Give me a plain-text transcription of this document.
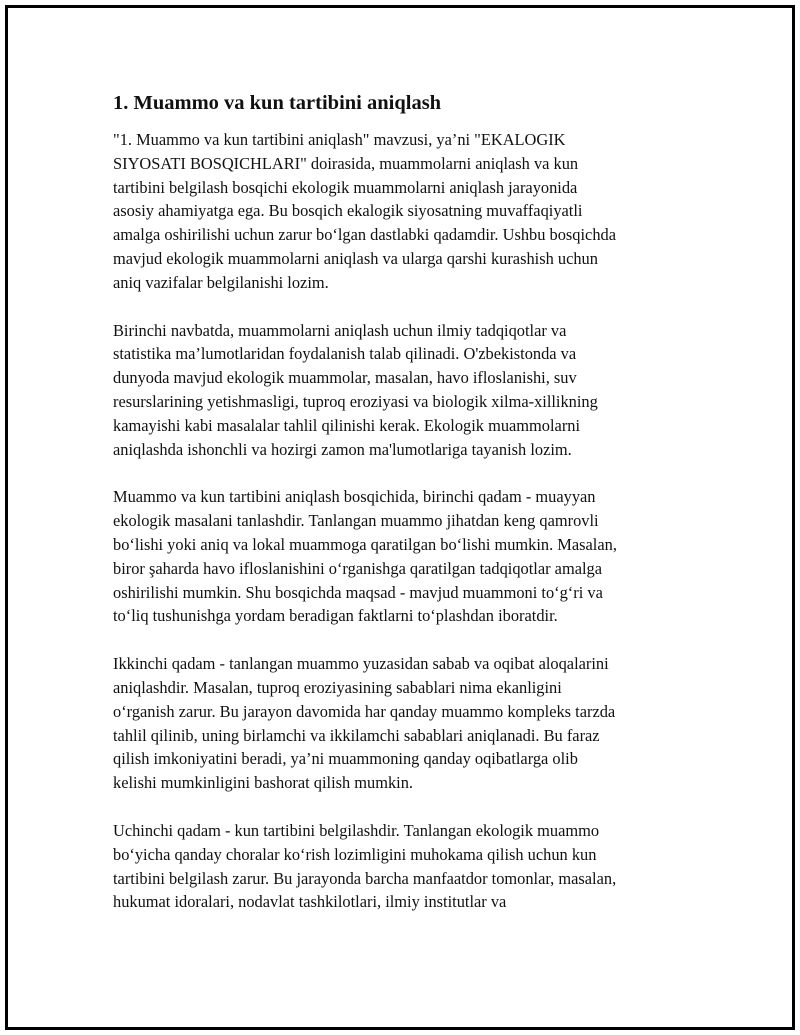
1. Muammo va kun tartibini aniqlash

"1. Muammo va kun tartibini aniqlash" mavzusi, ya’ni "EKALOGIK
SIYOSATI BOSQICHLARI" doirasida, muammolarni aniqlash va kun
tartibini belgilash bosqichi ekologik muammolarni aniqlash jarayonida
asosiy ahamiyatga ega. Bu bosqich ekalogik siyosatning muvaffaqiyatli
amalga oshirilishi uchun zarur bo‘lgan dastlabki qadamdir. Ushbu bosqichda
mavjud ekologik muammolarni aniqlash va ularga qarshi kurashish uchun
aniq vazifalar belgilanishi lozim.

Birinchi navbatda, muammolarni aniqlash uchun ilmiy tadqiqotlar va
statistika ma’lumotlaridan foydalanish talab qilinadi. O'zbekistonda va
dunyoda mavjud ekologik muammolar, masalan, havo ifloslanishi, suv
resurslarining yetishmasligi, tuproq eroziyasi va biologik xilma-xillikning
kamayishi kabi masalalar tahlil qilinishi kerak. Ekologik muammolarni
aniqlashda ishonchli va hozirgi zamon ma'lumotlariga tayanish lozim.

Muammo va kun tartibini aniqlash bosqichida, birinchi qadam - muayyan
ekologik masalani tanlashdir. Tanlangan muammo jihatdan keng qamrovli
bo‘lishi yoki aniq va lokal muammoga qaratilgan bo‘lishi mumkin. Masalan,
biror şaharda havo ifloslanishini o‘rganishga qaratilgan tadqiqotlar amalga
oshirilishi mumkin. Shu bosqichda maqsad - mavjud muammoni to‘g‘ri va
to‘liq tushunishga yordam beradigan faktlarni to‘plashdan iboratdir.

Ikkinchi qadam - tanlangan muammo yuzasidan sabab va oqibat aloqalarini
aniqlashdir. Masalan, tuproq eroziyasining sabablari nima ekanligini
o‘rganish zarur. Bu jarayon davomida har qanday muammo kompleks tarzda
tahlil qilinib, uning birlamchi va ikkilamchi sabablari aniqlanadi. Bu faraz
qilish imkoniyatini beradi, ya’ni muammoning qanday oqibatlarga olib
kelishi mumkinligini bashorat qilish mumkin.

Uchinchi qadam - kun tartibini belgilashdir. Tanlangan ekologik muammo
bo‘yicha qanday choralar ko‘rish lozimligini muhokama qilish uchun kun
tartibini belgilash zarur. Bu jarayonda barcha manfaatdor tomonlar, masalan,
hukumat idoralari, nodavlat tashkilotlari, ilmiy institutlar va
